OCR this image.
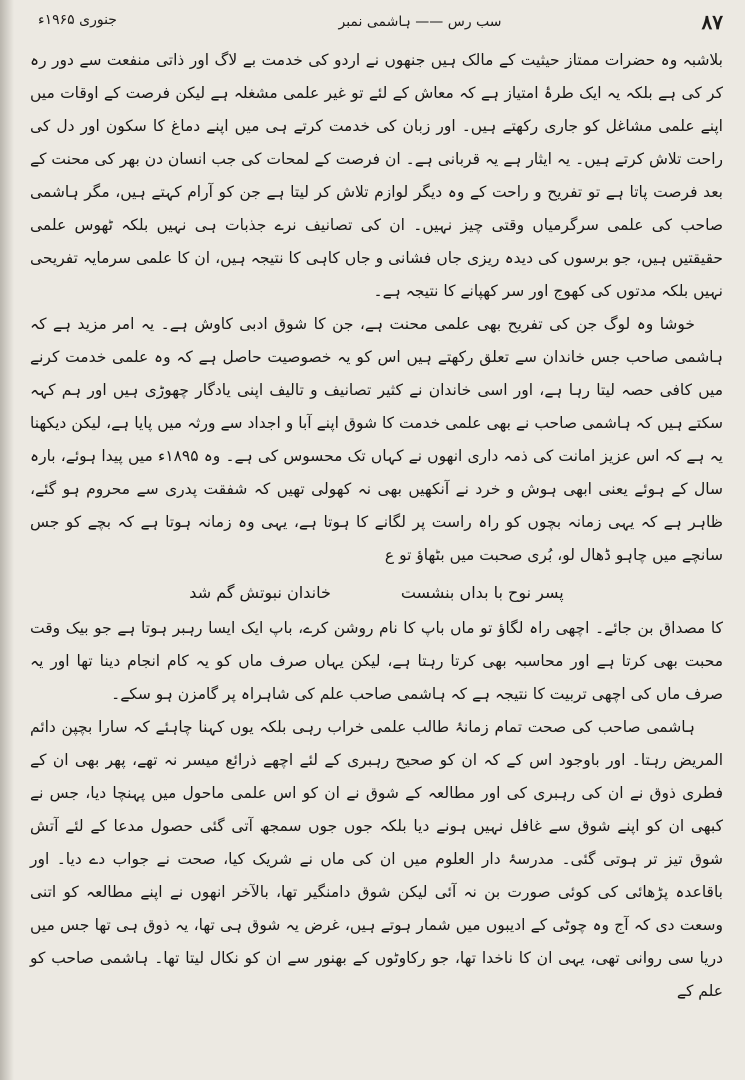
جنوری ۱۹۶۵ء	سب رس —— ہاشمی نمبر	۸۷

بلاشبہ وہ حضرات ممتاز حیثیت کے مالک ہیں جنھوں نے اردو کی خدمت بے لاگ اور ذاتی منفعت سے دور رہ کر کی ہے بلکہ یہ ایک طرۂ امتیاز ہے کہ معاش کے لئے تو غیر علمی مشغلہ ہے لیکن فرصت کے اوقات میں اپنے علمی مشاغل کو جاری رکھتے ہیں۔ اور زبان کی خدمت کرتے ہی میں اپنے دماغ کا سکون اور دل کی راحت تلاش کرتے ہیں۔ یہ ایثار ہے یہ قربانی ہے۔ ان فرصت کے لمحات کی جب انسان دن بھر کی محنت کے بعد فرصت پاتا ہے تو تفریح و راحت کے وہ دیگر لوازم تلاش کر لیتا ہے جن کو آرام کہتے ہیں، مگر ہاشمی صاحب کی علمی سرگرمیاں وقتی چیز نہیں۔ ان کی تصانیف نرے جذبات ہی نہیں بلکہ ٹھوس علمی حقیقتیں ہیں، جو برسوں کی دیدہ ریزی جاں فشانی و جاں کاہی کا نتیجہ ہیں، ان کا علمی سرمایہ تفریحی نہیں بلکہ مدتوں کی کھوج اور سر کھپانے کا نتیجہ ہے۔

خوشا وہ لوگ جن کی تفریح بھی علمی محنت ہے، جن کا شوق ادبی کاوش ہے۔ یہ امر مزید ہے کہ ہاشمی صاحب جس خاندان سے تعلق رکھتے ہیں اس کو یہ خصوصیت حاصل ہے کہ وہ علمی خدمت کرنے میں کافی حصہ لیتا رہا ہے، اور اسی خاندان نے کثیر تصانیف و تالیف اپنی یادگار چھوڑی ہیں اور ہم کہہ سکتے ہیں کہ ہاشمی صاحب نے بھی علمی خدمت کا شوق اپنے آبا و اجداد سے ورثہ میں پایا ہے، لیکن دیکھنا یہ ہے کہ اس عزیز امانت کی ذمہ داری انھوں نے کہاں تک محسوس کی ہے۔ وہ ۱۸۹۵ء میں پیدا ہوئے، بارہ سال کے ہوئے یعنی ابھی ہوش و خرد نے آنکھیں بھی نہ کھولی تھیں کہ شفقت پدری سے محروم ہو گئے، ظاہر ہے کہ یہی زمانہ بچوں کو راہ راست پر لگانے کا ہوتا ہے، یہی وہ زمانہ ہوتا ہے کہ بچے کو جس سانچے میں چاہو ڈھال لو، بُری صحبت میں بٹھاؤ تو ع

پسر نوح با بداں بنشست
خاندان نبوتش گم شد

کا مصداق بن جائے۔ اچھی راہ لگاؤ تو ماں باپ کا نام روشن کرے، باپ ایک ایسا رہبر ہوتا ہے جو بیک وقت محبت بھی کرتا ہے اور محاسبہ بھی کرتا رہتا ہے، لیکن یہاں صرف ماں کو یہ کام انجام دینا تھا اور یہ صرف ماں کی اچھی تربیت کا نتیجہ ہے کہ ہاشمی صاحب علم کی شاہراہ پر گامزن ہو سکے۔

ہاشمی صاحب کی صحت تمام زمانۂ طالب علمی خراب رہی بلکہ یوں کہنا چاہئے کہ سارا بچپن دائم المریض رہتا۔ اور باوجود اس کے کہ ان کو صحیح رہبری کے لئے اچھے ذرائع میسر نہ تھے، پھر بھی ان کے فطری ذوق نے ان کی رہبری کی اور مطالعہ کے شوق نے ان کو اس علمی ماحول میں پہنچا دیا، جس نے کبھی ان کو اپنے شوق سے غافل نہیں ہونے دیا بلکہ جوں جوں سمجھ آتی گئی حصول مدعا کے لئے آتش شوق تیز تر ہوتی گئی۔ مدرسۂ دار العلوم میں ان کی ماں نے شریک کیا، صحت نے جواب دے دیا۔ اور باقاعدہ پڑھائی کی کوئی صورت بن نہ آئی لیکن شوق دامنگیر تھا، بالآخر انھوں نے اپنے مطالعہ کو اتنی وسعت دی کہ آج وہ چوٹی کے ادیبوں میں شمار ہوتے ہیں، غرض یہ شوق ہی تھا، یہ ذوق ہی تھا جس میں دریا سی روانی تھی، یہی ان کا ناخدا تھا، جو رکاوٹوں کے بھنور سے ان کو نکال لیتا تھا۔ ہاشمی صاحب کو علم کے
